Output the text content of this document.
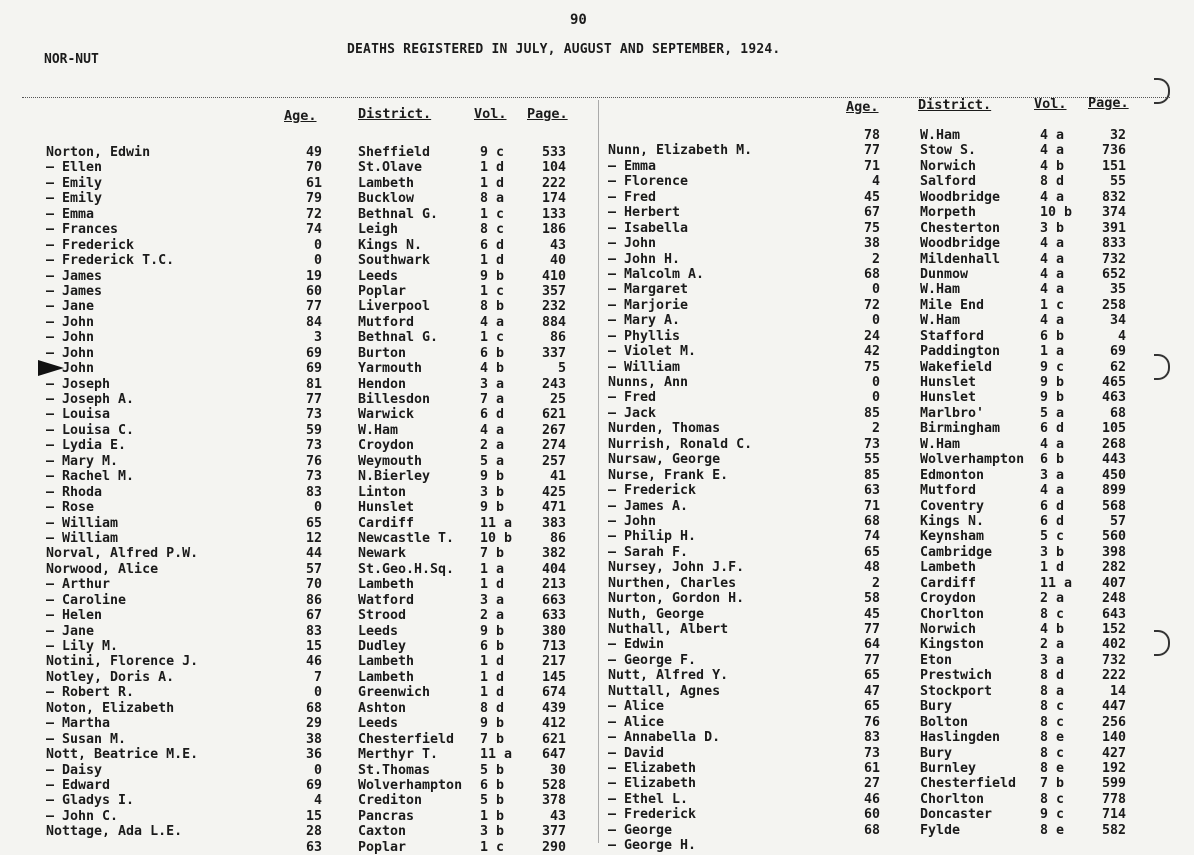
90
NOR-NUT
DEATHS REGISTERED IN JULY, AUGUST AND SEPTEMBER, 1924.
Age.	District.	Vol. Page.	Age.	District.	Vol. Page.
Norton, Edwin	49	Sheffield	9 c	533
— Ellen	70	St.Olave	1 d	104
— Emily	61	Lambeth	1 d	222
— Emily	79	Bucklow	8 a	174
— Emma	72	Bethnal G.	1 c	133
— Frances	74	Leigh	8 c	186
— Frederick	0	Kings N.	6 d	43
— Frederick T.C.	0	Southwark	1 d	40
— James	19	Leeds	9 b	410
— James	60	Poplar	1 c	357
— Jane	77	Liverpool	8 b	232
— John	84	Mutford	4 a	884
— John	3	Bethnal G.	1 c	86
— John	69	Burton	6 b	337
— John	69	Yarmouth	4 b	5
— Joseph	81	Hendon	3 a	243
— Joseph A.	77	Billesdon	7 a	25
— Louisa	73	Warwick	6 d	621
— Louisa C.	59	W.Ham	4 a	267
— Lydia E.	73	Croydon	2 a	274
— Mary M.	76	Weymouth	5 a	257
— Rachel M.	73	N.Bierley	9 b	41
— Rhoda	83	Linton	3 b	425
— Rose	0	Hunslet	9 b	471
— William	65	Cardiff	11 a	383
— William	12	Newcastle T. 10 b	86
Norval, Alfred P.W.	44	Newark	7 b	382
Norwood, Alice	57	St.Geo.H.Sq. 1 a	404
— Arthur	70	Lambeth	1 d	213
— Caroline	86	Watford	3 a	663
— Helen	67	Strood	2 a	633
— Jane	83	Leeds	9 b	380
— Lily M.	15	Dudley	6 b	713
Notini, Florence J.	46	Lambeth	1 d	217
Notley, Doris A.	7	Lambeth	1 d	145
— Robert R.	0	Greenwich	1 d	674
Noton, Elizabeth	68	Ashton	8 d	439
— Martha	29	Leeds	9 b	412
— Susan M.	38	Chesterfield 7 b	621
Nott, Beatrice M.E.	36	Merthyr T.	11 a	647
— Daisy	0	St.Thomas	5 b	30
— Edward	69	Wolverhampton 6 b	528
— Gladys I.	4	Crediton	5 b	378
— John C.	15	Pancras	1 b	43
Nottage, Ada L.E.	28	Caxton	3 b	377
63	Poplar	1 c	290
78	W.Ham	4 a	32
Nunn, Elizabeth M.	77	Stow S.	4 a	736
— Emma	71	Norwich	4 b	151
— Florence	4	Salford	8 d	55
— Fred	45	Woodbridge	4 a	832
— Herbert	67	Morpeth	10 b	374
— Isabella	75	Chesterton	3 b	391
— John	38	Woodbridge	4 a	833
— John H.	2	Mildenhall	4 a	732
— Malcolm A.	68	Dunmow	4 a	652
— Margaret	0	W.Ham	4 a	35
— Marjorie	72	Mile End	1 c	258
— Mary A.	0	W.Ham	4 a	34
— Phyllis	24	Stafford	6 b	4
— Violet M.	42	Paddington	1 a	69
— William	75	Wakefield	9 c	62
Nunns, Ann	0	Hunslet	9 b	465
— Fred	0	Hunslet	9 b	463
— Jack	85	Marlbro'	5 a	68
Nurden, Thomas	2	Birmingham	6 d	105
Nurrish, Ronald C.	73	W.Ham	4 a	268
Nursaw, George	55	Wolverhampton 6 b	443
Nurse, Frank E.	85	Edmonton	3 a	450
— Frederick	63	Mutford	4 a	899
— James A.	71	Coventry	6 d	568
— John	68	Kings N.	6 d	57
— Philip H.	74	Keynsham	5 c	560
— Sarah F.	65	Cambridge	3 b	398
Nursey, John J.F.	48	Lambeth	1 d	282
Nurthen, Charles	2	Cardiff	11 a	407
Nurton, Gordon H.	58	Croydon	2 a	248
Nuth, George	45	Chorlton	8 c	643
Nuthall, Albert	77	Norwich	4 b	152
— Edwin	64	Kingston	2 a	402
— George F.	77	Eton	3 a	732
Nutt, Alfred Y.	65	Prestwich	8 d	222
Nuttall, Agnes	47	Stockport	8 a	14
— Alice	65	Bury	8 c	447
— Alice	76	Bolton	8 c	256
— Annabella D.	83	Haslingden	8 e	140
— David	73	Bury	8 c	427
— Elizabeth	61	Burnley	8 e	192
— Elizabeth	27	Chesterfield 7 b	599
— Ethel L.	46	Chorlton	8 c	778
— Frederick	60	Doncaster	9 c	714
— George	68	Fylde	8 e	582
— George H.
